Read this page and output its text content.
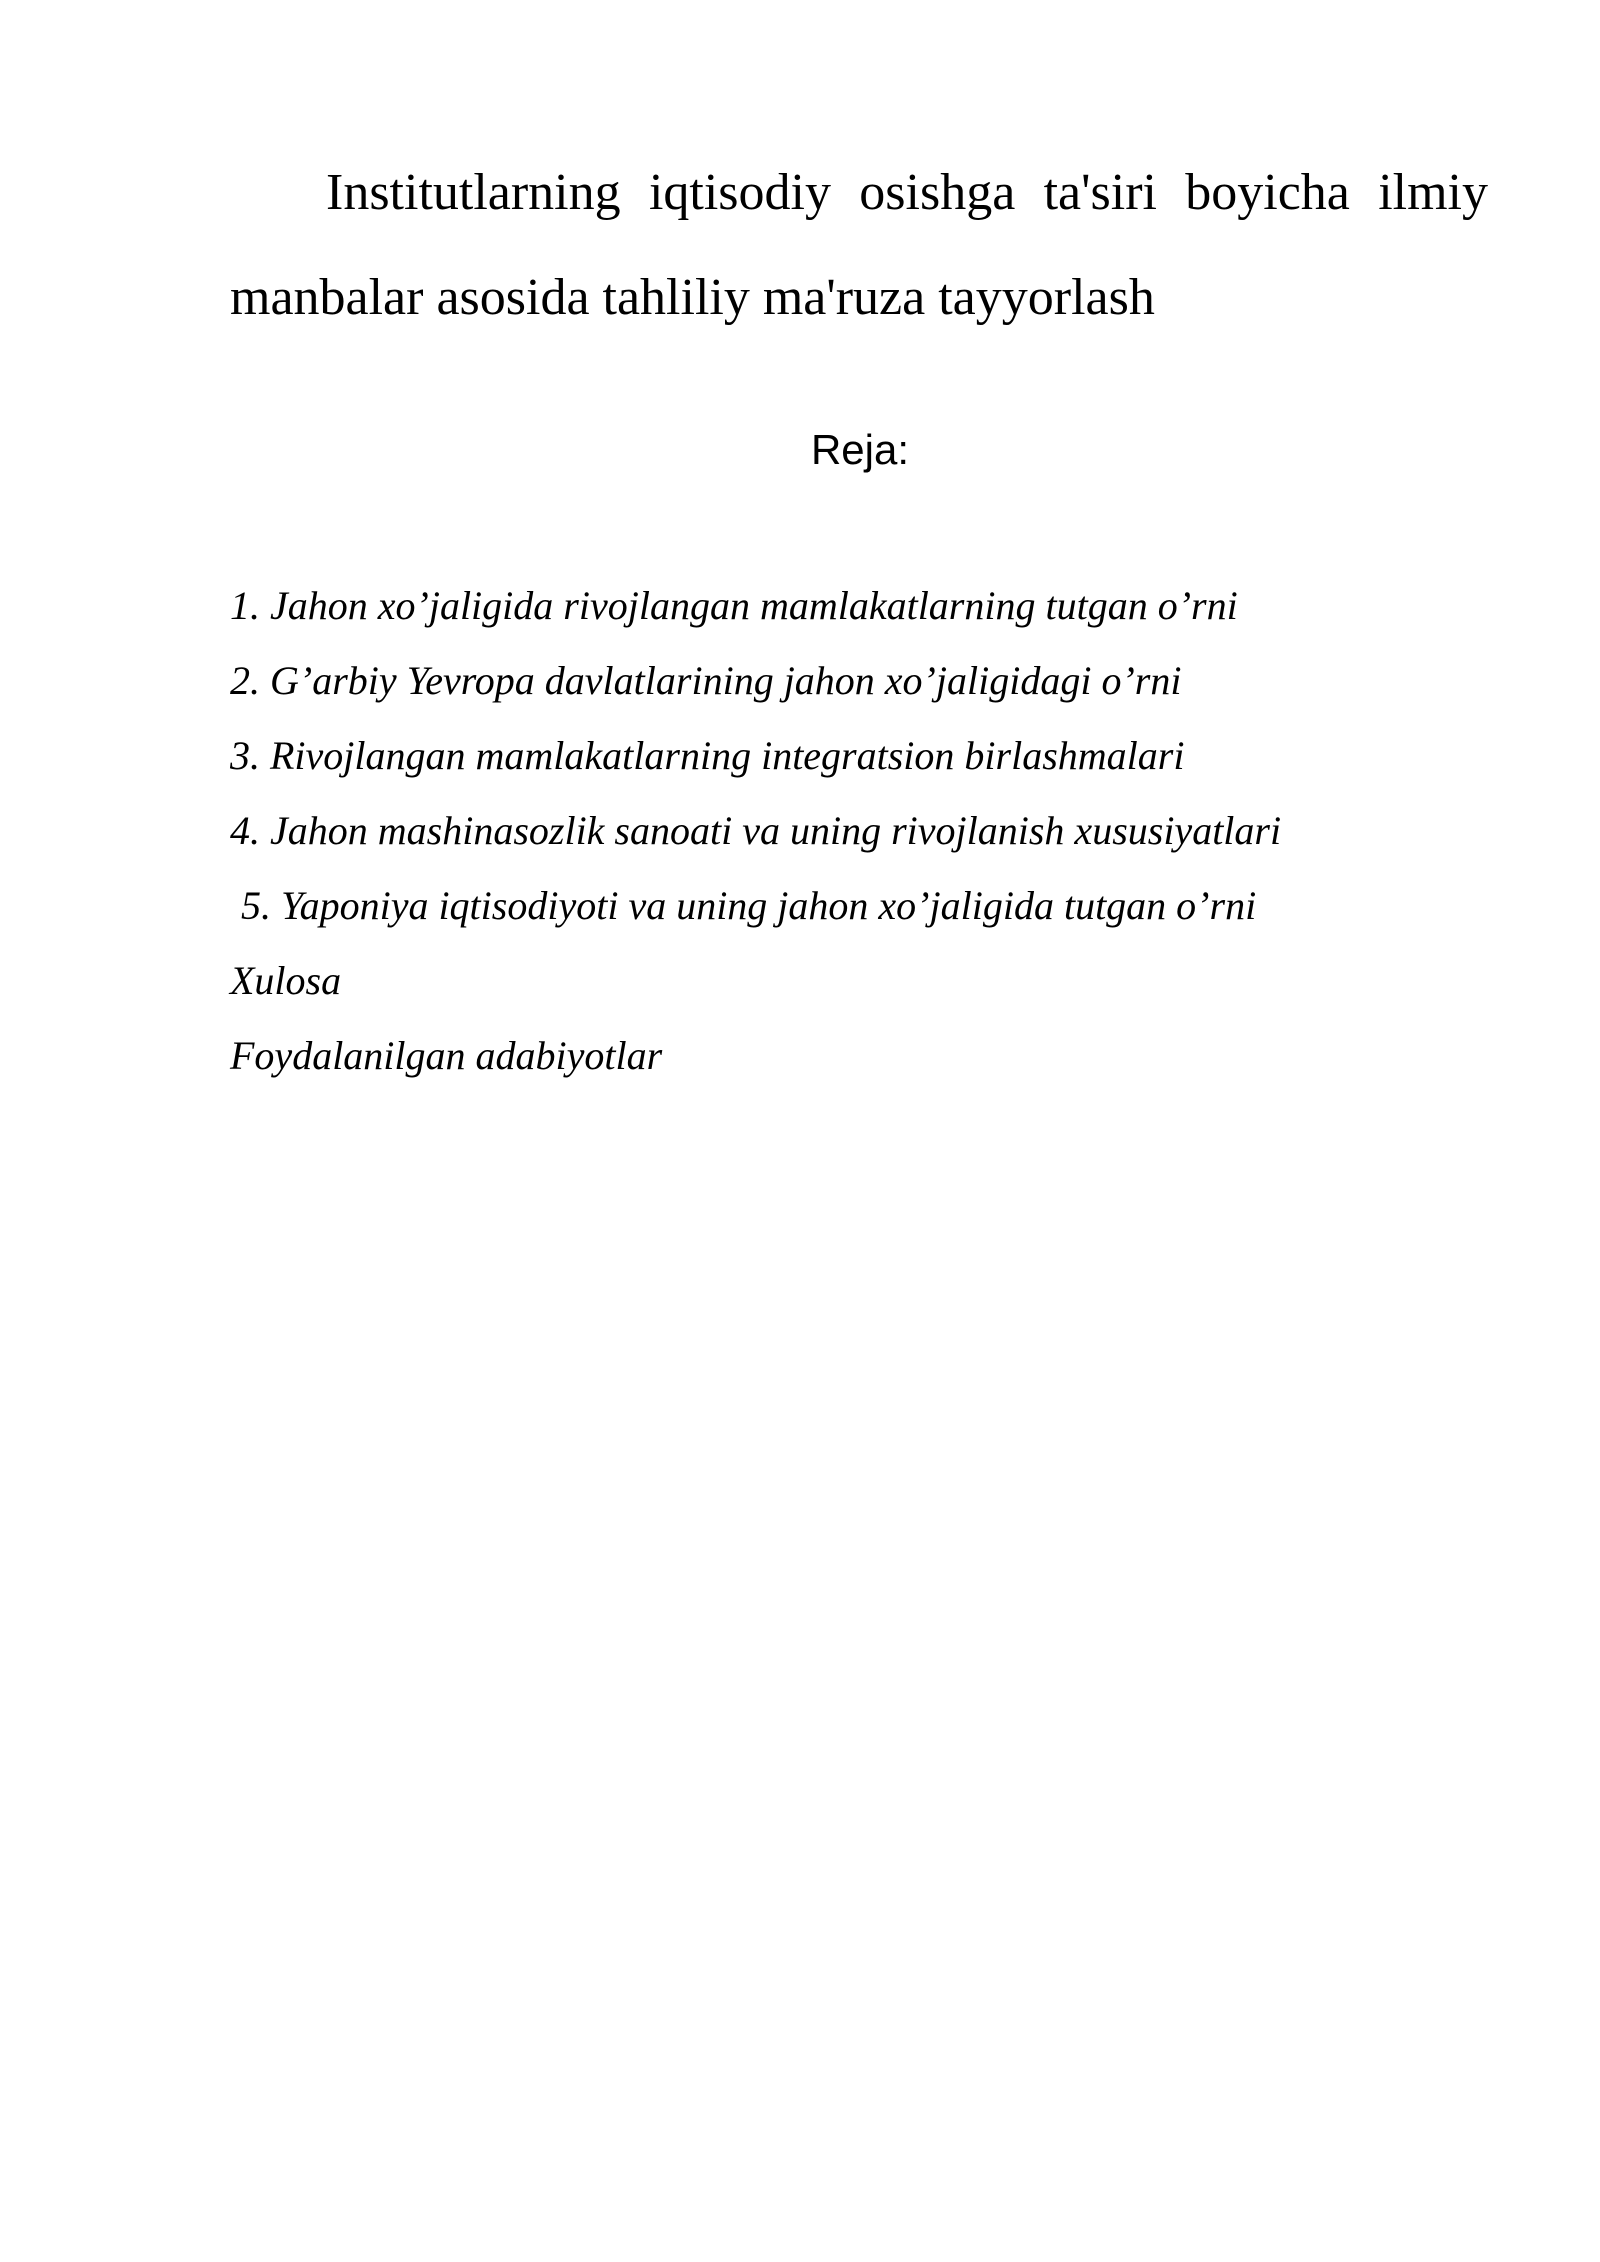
Institutlarning iqtisodiy osishga ta'siri boyicha ilmiy manbalar asosida tahliliy ma'ruza tayyorlash
Reja:
1. Jahon xo’jaligida rivojlangan mamlakatlarning tutgan o’rni
2. G’arbiy Yevropa davlatlarining jahon xo’jaligidagi o’rni
3. Rivojlangan mamlakatlarning integratsion birlashmalari
4. Jahon mashinasozlik sanoati va uning rivojlanish xususiyatlari
5. Yaponiya iqtisodiyoti va uning jahon xo’jaligida tutgan o’rni
Xulosa
Foydalanilgan adabiyotlar
